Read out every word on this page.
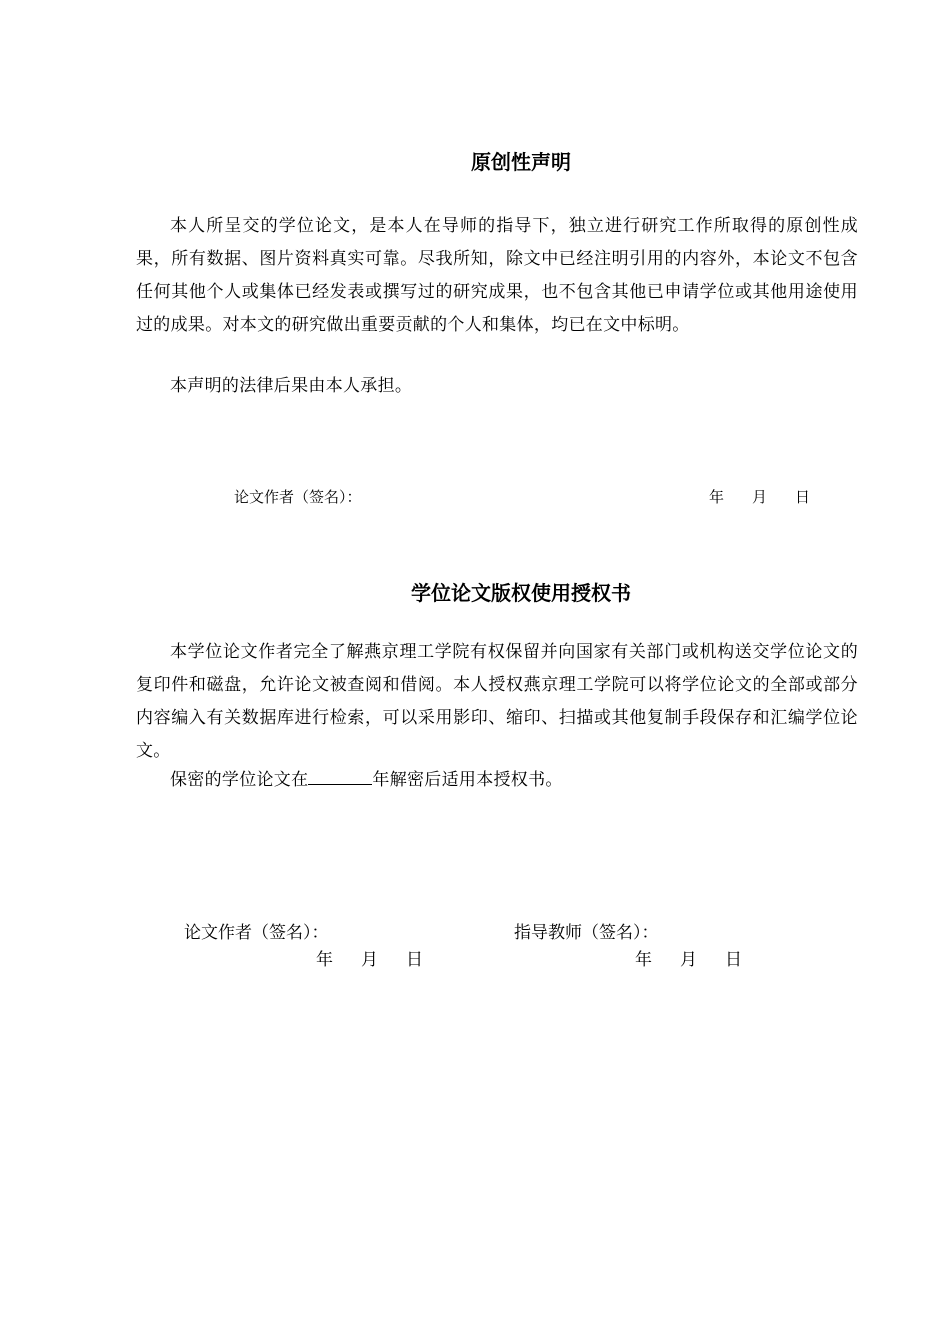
原创性声明

本人所呈交的学位论文，是本人在导师的指导下，独立进行研究工作所取得的原创性成果，所有数据、图片资料真实可靠。尽我所知，除文中已经注明引用的内容外，本论文不包含任何其他个人或集体已经发表或撰写过的研究成果，也不包含其他已申请学位或其他用途使用过的成果。对本文的研究做出重要贡献的个人和集体，均已在文中标明。

本声明的法律后果由本人承担。

论文作者（签名）：	年 月 日
学位论文版权使用授权书

本学位论文作者完全了解燕京理工学院有权保留并向国家有关部门或机构送交学位论文的复印件和磁盘，允许论文被查阅和借阅。本人授权燕京理工学院可以将学位论文的全部或部分内容编入有关数据库进行检索，可以采用影印、缩印、扫描或其他复制手段保存和汇编学位论文。

保密的学位论文在	年解密后适用本授权书。

论文作者（签名）：	指导教师（签名）：
年 月 日	年 月 日
